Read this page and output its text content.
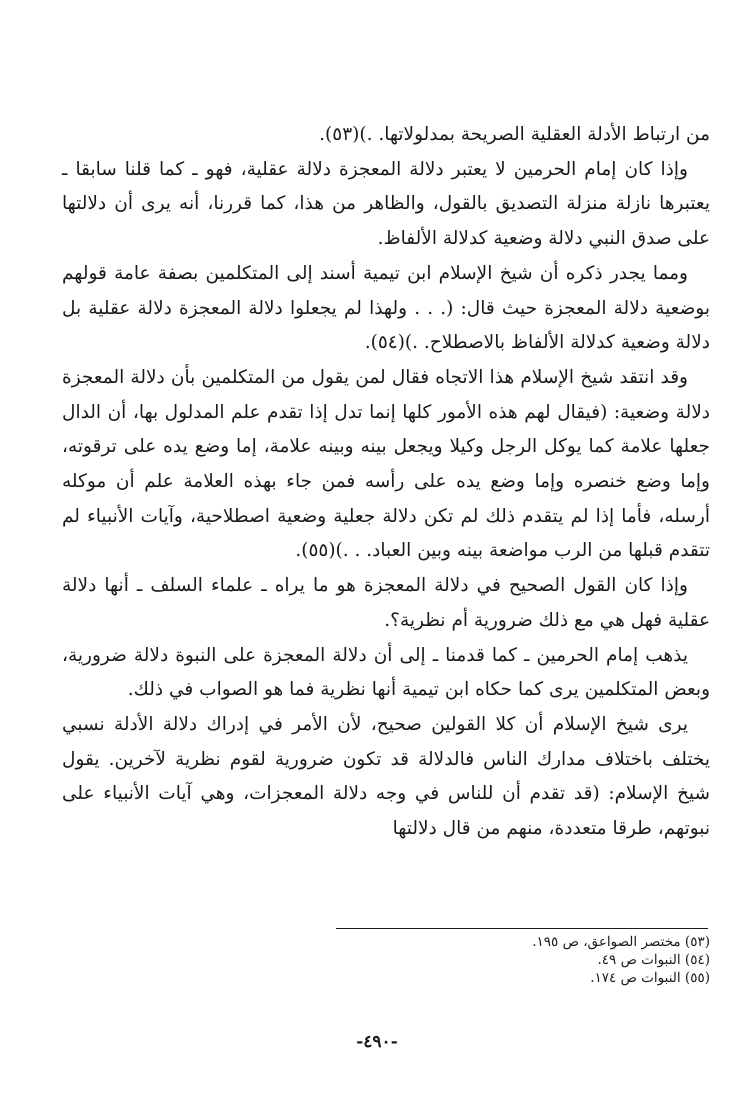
من ارتباط الأدلة العقلية الصريحة بمدلولاتها. .)(٥٣).

وإذا كان إمام الحرمين لا يعتبر دلالة المعجزة دلالة عقلية، فهو ـ كما قلنا سابقا ـ يعتبرها نازلة منزلة التصديق بالقول، والظاهر من هذا، كما قررنا، أنه يرى أن دلالتها على صدق النبي دلالة وضعية كدلالة الألفاظ.

ومما يجدر ذكره أن شيخ الإسلام ابن تيمية أسند إلى المتكلمين بصفة عامة قولهم بوضعية دلالة المعجزة حيث قال: (. . . ولهذا لم يجعلوا دلالة المعجزة دلالة عقلية بل دلالة وضعية كدلالة الألفاظ بالاصطلاح. .)(٥٤).

وقد انتقد شيخ الإسلام هذا الاتجاه فقال لمن يقول من المتكلمين بأن دلالة المعجزة دلالة وضعية: (فيقال لهم هذه الأمور كلها إنما تدل إذا تقدم علم المدلول بها، أن الدال جعلها علامة كما يوكل الرجل وكيلا ويجعل بينه وبينه علامة، إما وضع يده على ترقوته، وإما وضع خنصره وإما وضع يده على رأسه فمن جاء بهذه العلامة علم أن موكله أرسله، فأما إذا لم يتقدم ذلك لم تكن دلالة جعلية وضعية اصطلاحية، وآيات الأنبياء لم تتقدم قبلها من الرب مواضعة بينه وبين العباد. . .)(٥٥).

وإذا كان القول الصحيح في دلالة المعجزة هو ما يراه ـ علماء السلف ـ أنها دلالة عقلية فهل هي مع ذلك ضرورية أم نظرية؟.

يذهب إمام الحرمين ـ كما قدمنا ـ إلى أن دلالة المعجزة على النبوة دلالة ضرورية، وبعض المتكلمين يرى كما حكاه ابن تيمية أنها نظرية فما هو الصواب في ذلك.

يرى شيخ الإسلام أن كلا القولين صحيح، لأن الأمر في إدراك دلالة الأدلة نسبي يختلف باختلاف مدارك الناس فالدلالة قد تكون ضرورية لقوم نظرية لآخرين. يقول شيخ الإسلام: (قد تقدم أن للناس في وجه دلالة المعجزات، وهي آيات الأنبياء على نبوتهم، طرقا متعددة، منهم من قال دلالتها

(٥٣) مختصر الصواعق، ص ١٩٥.

(٥٤) النبوات ص ٤٩.

(٥٥) النبوات ص ١٧٤.

-٤٩٠-
